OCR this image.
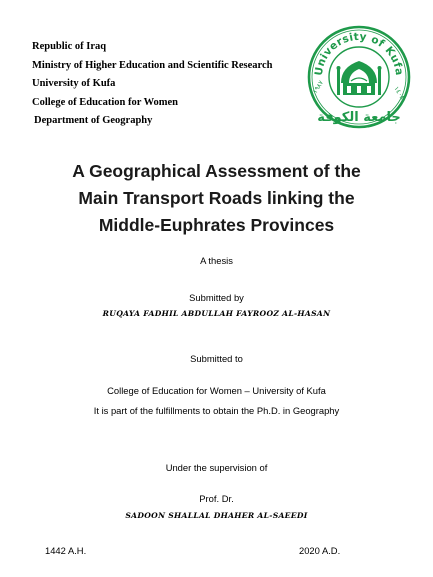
Republic of Iraq
Ministry of Higher Education and Scientific Research
University of Kufa
College of Education for Women
Department of Geography
University of Kufa
١٩٨٧	١٤٠٨
جامعة الكوفة
A Geographical Assessment of the
Main Transport Roads linking the
Middle-Euphrates Provinces
A thesis
Submitted by
RUQAYA FADHIL ABDULLAH FAYROOZ AL-HASAN
Submitted to
College of Education for Women – University of Kufa
It is part of the fulfillments to obtain the Ph.D. in Geography
Under the supervision of
Prof. Dr.
SADOON SHALLAL DHAHER AL-SAEEDI
1442 A.H.	2020 A.D.
